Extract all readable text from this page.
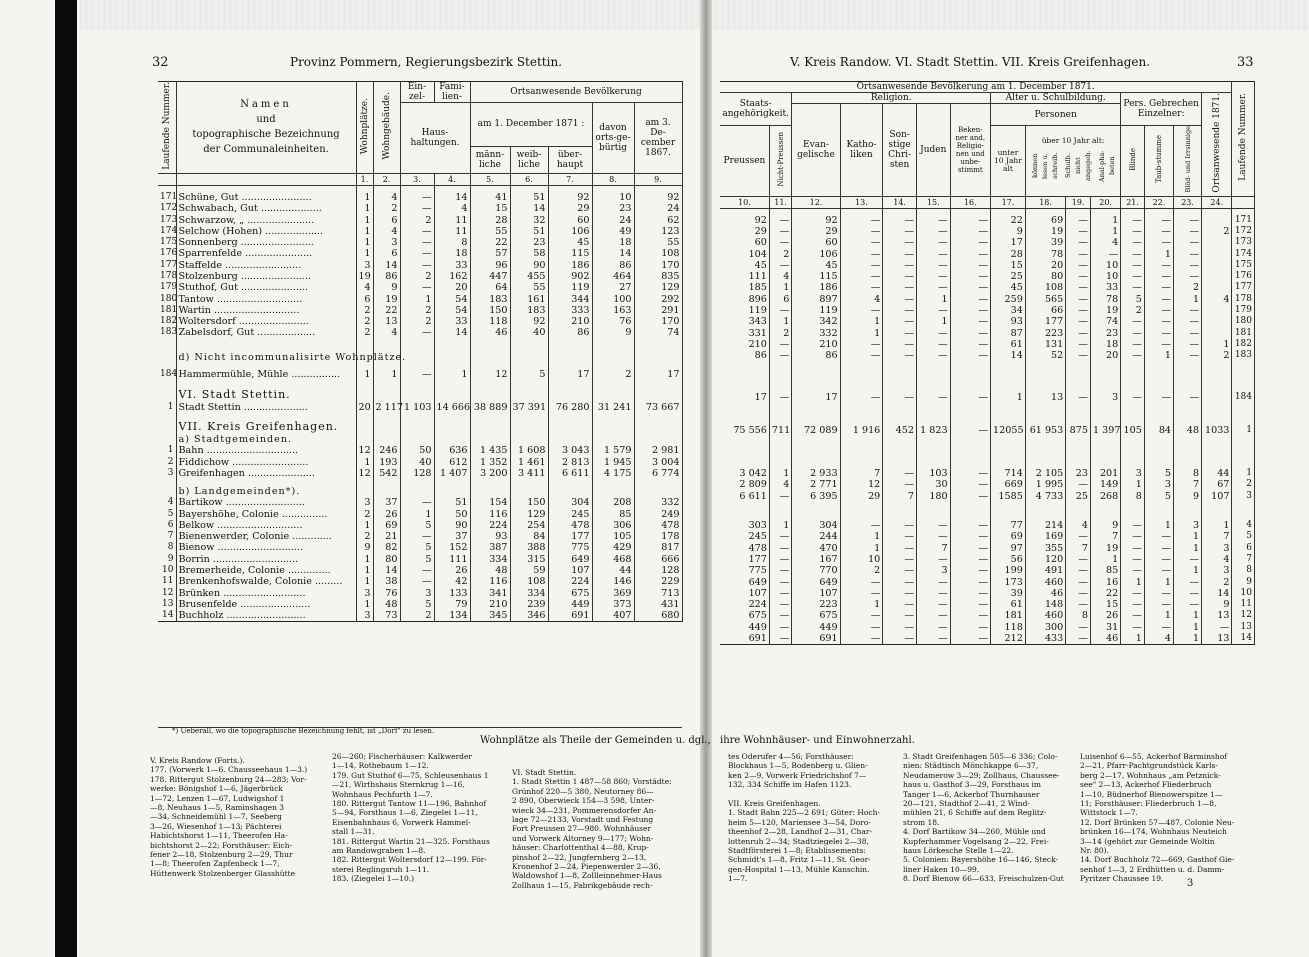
32	Provinz Pommern, Regierungsbezirk Stettin.	V. Kreis Randow. VI. Stadt Stettin. VII. Kreis Greifenhagen.	33
Laufende Nummer.	Namen
und
topographische Bezeichnung
der Communaleinheiten.	Wohnplätze.	Wohngebäude.	Ein-zel-	Fami-lien-	Ortsanwesende Bevölkerung				
				Haus-haltungen.		am 1. December 1871 :			davon orts-ge-bürtig	am 3. De-cember 1867.

						männ-liche	weib-liche	über-haupt		

		1.	2.	3.	4.	5.	6.	7.	8.	9.

171	Schüne, Gut .......................	1	4	—	14	41	51	92	10	92
172	Schwabach, Gut ....................	1	2	—	4	15	14	29	23	24
173	Schwarzow, „ ......................	1	6	2	11	28	32	60	24	62
174	Selchow (Hohen) ...................	1	4	—	11	55	51	106	49	123
175	Sonnenberg ........................	1	3	—	8	22	23	45	18	55
176	Sparrenfelde ......................	1	6	—	18	57	58	115	14	108
177	Staffelde .........................	3	14	—	33	96	90	186	86	170
178	Stolzenburg .......................	19	86	2	162	447	455	902	464	835
179	Stuthof, Gut ......................	4	9	—	20	64	55	119	27	129
180	Tantow ............................	6	19	1	54	183	161	344	100	292
181	Wartin ............................	2	22	2	54	150	183	333	163	291
182	Woltersdorf .......................	2	13	2	33	118	92	210	76	170
183	Zabelsdorf, Gut ...................	2	4	—	14	46	40	86	9	74

	d) Nicht incommunalisirte Wohnplätze.									
184	Hammermühle, Mühle ................	1	1	—	1	12	5	17	2	17

	VI. Stadt Stettin.									
1	Stadt Stettin .....................	20	2 117	1 103	14 666	38 889	37 391	76 280	31 241	73 667

	VII. Kreis Greifenhagen.									
	a) Stadtgemeinden.									
1	Bahn ..............................	12	246	50	636	1 435	1 608	3 043	1 579	2 981
2	Fiddichow .........................	1	193	40	612	1 352	1 461	2 813	1 945	3 004
3	Greifenhagen ......................	12	542	128	1 407	3 200	3 411	6 611	4 175	6 774

	b) Landgemeinden*).									
4	Bartikow ..........................	3	37	—	51	154	150	304	208	332
5	Bayershöhe, Colonie ...............	2	26	1	50	116	129	245	85	249
6	Belkow ............................	1	69	5	90	224	254	478	306	478
7	Bienenwerder, Colonie .............	2	21	—	37	93	84	177	105	178
8	Bienow ............................	9	82	5	152	387	388	775	429	817
9	Borrin ............................	1	80	5	111	334	315	649	468	666
10	Bremerheide, Colonie ..............	1	14	—	26	48	59	107	44	128
11	Brenkenhofswalde, Colonie .........	1	38	—	42	116	108	224	146	229
12	Brünken ...........................	3	76	3	133	341	334	675	369	713
13	Brusenfelde .......................	1	48	5	79	210	239	449	373	431
14	Buchholz ..........................	3	73	2	134	345	346	691	407	680
Ortsanwesende Bevölkerung am 1. December 1871.															Laufende Nummer.
Staats-angehörigkeit.		Religion.					Alter u. Schulbildung.				Pers. Gebrechen Einzelner:			Ortsanwesende 1871.	
		Evan-gelische	Katho-liken	Son-stige Chri-sten	Juden	Beken-ner and. Religio-nen und unbe-stimmt	Personen								
Preussen	Nicht-Preussen						unter 10 Jahr alt	über 10 Jahr alt:
können lesen u. schreib. Schulb. nicht angegeb. Anal-pha-beten			Blinde	Taub-stumme	Blöd- und Irrsinnige		
10.	11.	12.	13.	14.	15.	16.	17.	18.	19.	20.	21.	22.	23.	24.	

92	—	92	—	—	—	—	22	69	—	1	—	—	—		171
29	—	29	—	—	—	—	9	19	—	1	—	—	—	2	172
60	—	60	—	—	—	—	17	39	—	4	—	—	—		173
104	2	106	—	—	—	—	28	78	—	—	—	1	—		174
45	—	45	—	—	—	—	15	20	—	10	—	—	—		175
111	4	115	—	—	—	—	25	80	—	10	—	—	—		176
185	1	186	—	—	—	—	45	108	—	33	—	—	2		177
896	6	897	4	—	1	—	259	565	—	78	5	—	1	4	178
119	—	119	—	—	—	—	34	66	—	19	2	—	—		179
343	1	342	1	—	1	—	93	177	—	74	—	—	—		180
331	2	332	1	—	—	—	87	223	—	23	—	—	—		181
210	—	210	—	—	—	—	61	131	—	18	—	—	—	1	182
86	—	86	—	—	—	—	14	52	—	20	—	1	—	2	183

17	—	17	—	—	—	—	1	13	—	3	—	—	—		184

75 556	711	72 089	1 916	452	1 823	—	12055	61 953	875	1 397	105	84	48	1033	1

3 042	1	2 933	7	—	103	—	714	2 105	23	201	3	5	8	44	1
2 809	4	2 771	12	—	30	—	669	1 995	—	149	1	3	7	67	2
6 611	—	6 395	29	7	180	—	1585	4 733	25	268	8	5	9	107	3

303	1	304	—	—	—	—	77	214	4	9	—	1	3	1	4
245	—	244	1	—	—	—	69	169	—	7	—	—	1	7	5
478	—	470	1	—	7	—	97	355	7	19	—	—	1	3	6
177	—	167	10	—	—	—	56	120	—	1	—	—	—	4	7
775	—	770	2	—	3	—	199	491	—	85	—	—	1	3	8
649	—	649	—	—	—	—	173	460	—	16	1	1	—	2	9
107	—	107	—	—	—	—	39	46	—	22	—	—	—	14	10
224	—	223	1	—	—	—	61	148	—	15	—	—	—	9	11
675	—	675	—	—	—	—	181	460	8	26	—	1	1	13	12
449	—	449	—	—	—	—	118	300	—	31	—	—	1	—	13
691	—	691	—	—	—	—	212	433	—	46	1	4	1	13	14
*) Ueberall, wo die topographische Bezeichnung fehlt, ist „Dorf" zu lesen.
Wohnplätze als Theile der Gemeinden u. dgl., ihre Wohnhäuser- und Einwohnerzahl.
V. Kreis Randow (Forts.).
177. (Vorwerk 1—6. Chausseehaus 1—3.)
178. Rittergut Stolzenburg 24—283; Vor-
werke: Bönigshof 1—6, Jägerbrück
1—72, Lenzen 1—67, Ludwigshof 1
—8, Neuhaus 1—5, Raminshagen 3
—34, Schneidemühl 1—7, Seeberg
3—26, Wiesenhof 1—13; Pächterei
Habichtshorst 1—11, Theerofen Ha-
bichtshorst 2—22; Forsthäuser: Eich-
fener 2—18, Stolzenburg 2—29, Thur
1—8; Theerofen Zapfenbeck 1—7,
Hüttenwerk Stolzenberger Glasshütte
26—260; Fischerhäuser: Kalkwerder
1—14, Rothebaum 1—12.
179. Gut Stuthof 6—75, Schleusenhaus 1
—21, Wirthshaus Sternkrug 1—16,
Wohnhaus Pechfurth 1—7.
180. Rittergut Tantow 11—196, Bahnhof
5—94, Forsthaus 1—6, Ziegelei 1—11,
Eisenbahnhaus 6, Vorwerk Hammel-
stall 1—31.
181. Rittergut Wartin 21—325. Forsthaus
am Randowgraben 1—8.
182. Rittergut Woltersdorf 12—199. För-
sterei Reglingsruh 1—11.
183. (Ziegelei 1—10.)
VI. Stadt Stettin.
1. Stadt Stettin 1 487—58 860; Vorstädte:
Grünhof 220—5 380, Neutorney 86—
2 890, Oberwieck 154—3 598, Unter-
wieck 34—231, Pommerensdorfer An-
lage 72—2133, Vorstadt und Festung
Fort Preussen 27—980. Wohnhäuser
und Vorwerk Altorney 9—177; Wohn-
häuser: Charlottenthal 4—88, Krup-
pinshof 2—22, Jungfernberg 2—13,
Kronenhof 2—24, Piepenwerder 2—36,
Waldowshof 1—8, Zollleinnehmer-Haus
Zollhaus 1—15, Fabrikgebäude rech-
tes Oderufer 4—56; Forsthäuser:
Blockhaus 1—5, Bodenberg u. Glien-
ken 2—9, Vorwerk Friedrichshof 7—
132, 334 Schiffe im Hafen 1123.

VII. Kreis Greifenhagen.
1. Stadt Bahn 225—2 691; Güter: Hoch-
heim 5—120, Mariensee 3—54, Doro-
theenhof 2—28, Landhof 2—31, Char-
lottenruh 2—34; Stadtziegelei 2—38,
Stadtförsterei 1—8; Etablissements:
Schmidt's 1—8, Fritz 1—11, St. Geor-
gen-Hospital 1—13, Mühle Kanschin.
1—7.
3. Stadt Greifenhagen 505—6 336; Colo-
nien: Städtisch Mönchkappe 6—37,
Neudamerow 3—29; Zollhaus, Chaussee-
haus u. Gasthof 3—29, Forsthaus im
Tanger 1—6, Ackerhof Thurnhauser
20—121, Stadthof 2—41, 2 Wind-
mühlen 21, 6 Schiffe auf dem Reglitz-
strom 18.
4. Dorf Bartikow 34—260, Mühle und
Kupferhammer Vogelsang 2—22, Frei-
haus Lörkesche Stelle 1—22.
5. Colonien: Bayershöhe 16—146, Steck-
liner Haken 10—99.
8. Dorf Bienow 66—633, Freischulzen-Gut
Luisenhof 6—55, Ackerhof Barminshof
2—21, Pfarr-Pachtgrundstück Karls-
berg 2—17, Wohnhaus „am Petznick-
see" 2—13, Ackerhof Fliederbruch
1—10, Büdnerhof Bienowerspitze 1—
11; Forsthäuser: Fliederbruch 1—8,
Wittstock 1—7.
12. Dorf Brünken 57—487, Colonie Neu-
brünken 16—174, Wohnhaus Neuteich
3—14 (gehört zur Gemeinde Woltin
Nr. 80).
14. Dorf Buchholz 72—669, Gasthof Gie-
senhof 1—3, 2 Erdhütten u. d. Damm-
Pyritzer Chaussee 19.	3
